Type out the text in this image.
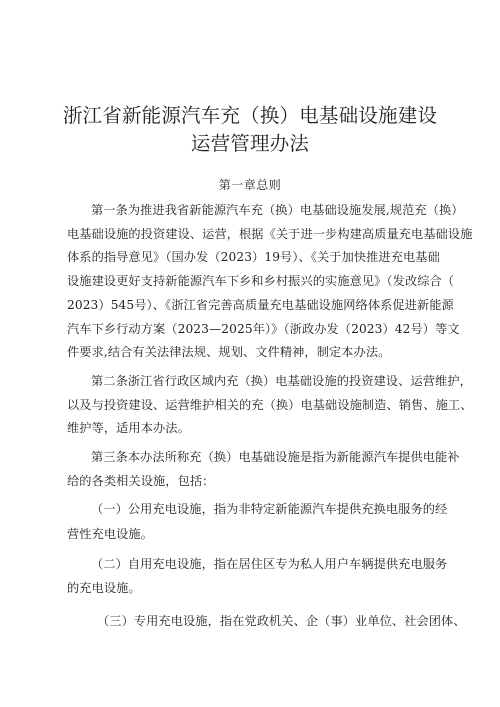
浙江省新能源汽车充（换）电基础设施建设
运营管理办法
第一章总则
第一条为推进我省新能源汽车充（换）电基础设施发展,规范充（换）
电基础设施的投资建设、运营，根据《关于进一步构建高质量充电基础设施
体系的指导意见》（国办发（2023）19号）、《关于加快推进充电基础
设施建设更好支持新能源汽车下乡和乡村振兴的实施意见》（发改综合（
2023）545号）、《浙江省完善高质量充电基础设施网络体系促进新能源
汽车下乡行动方案（2023—2025年）》（浙政办发（2023）42号）等文
件要求,结合有关法律法规、规划、文件精神，制定本办法。
第二条浙江省行政区域内充（换）电基础设施的投资建设、运营维护，
以及与投资建设、运营维护相关的充（换）电基础设施制造、销售、施工、
维护等，适用本办法。
第三条本办法所称充（换）电基础设施是指为新能源汽车提供电能补
给的各类相关设施，包括：
（一）公用充电设施，指为非特定新能源汽车提供充换电服务的经
营性充电设施。
（二）自用充电设施，指在居住区专为私人用户车辆提供充电服务
的充电设施。
（三）专用充电设施，指在党政机关、企（事）业单位、社会团体、
